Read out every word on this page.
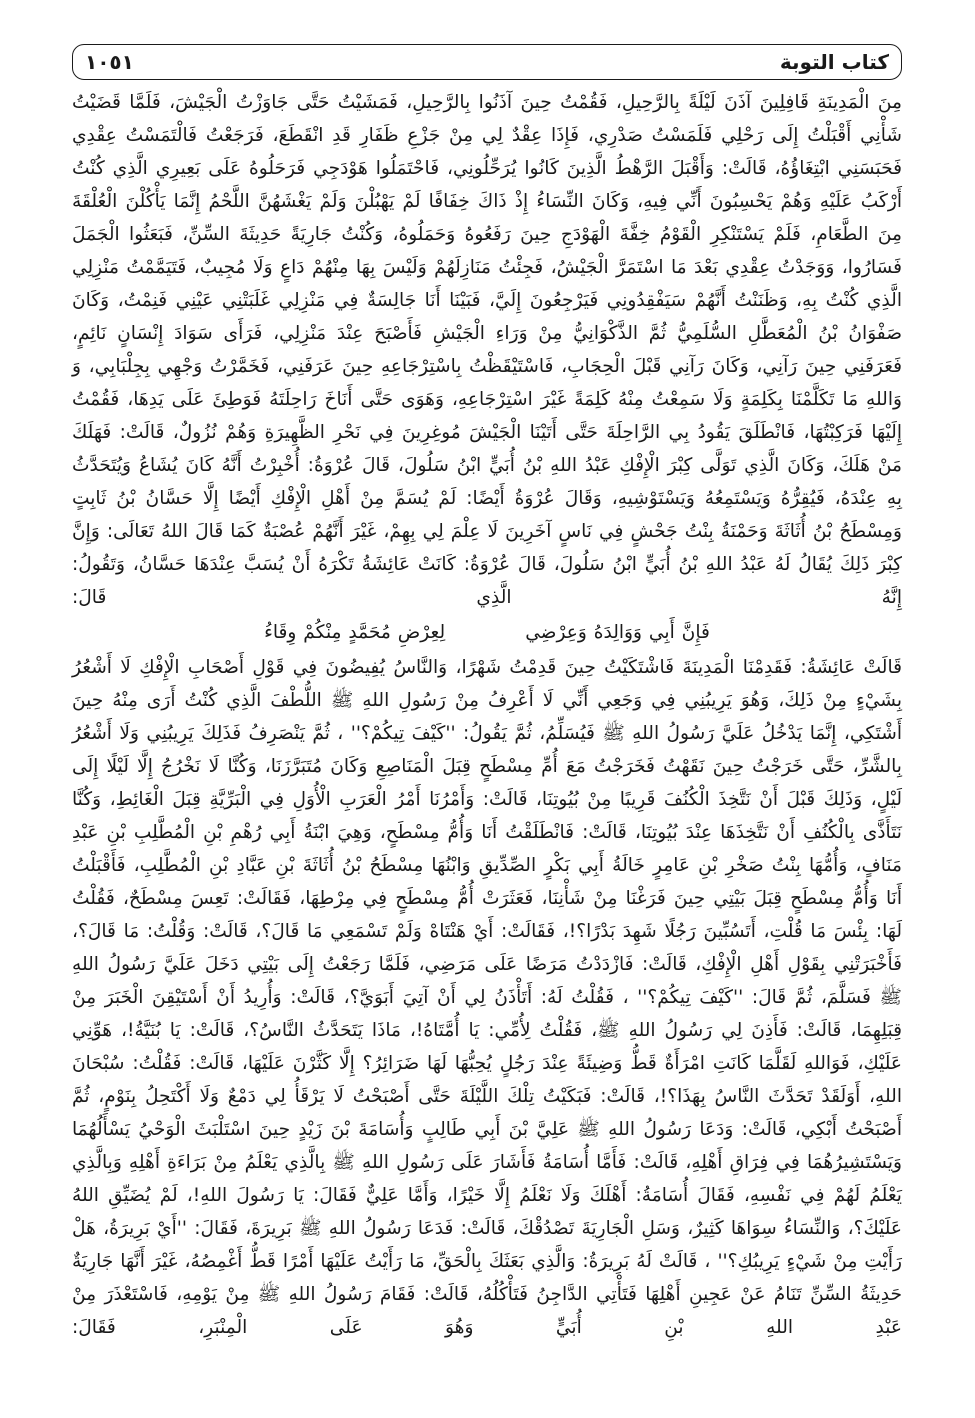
كتاب التوبة
١٠٥١

مِنَ الْمَدِينَةِ قَافِلِينَ آذَنَ لَيْلَةً بِالرَّحِيلِ، فَقُمْتُ حِينَ آذَنُوا بِالرَّحِيلِ، فَمَشَيْتُ حَتَّى جَاوَزْتُ الْجَيْشَ، فَلَمَّا قَضَيْتُ شَأْنِي أَقْبَلْتُ إِلَى رَحْلِي فَلَمَسْتُ صَدْرِي، فَإِذَا عِقْدٌ لِي مِنْ جَزْعِ ظَفَارِ قَدِ انْقَطَعَ، فَرَجَعْتُ فَالْتَمَسْتُ عِقْدِي فَحَبَسَنِي ابْتِغَاؤُهُ، قَالَتْ: وَأَقْبَلَ الرَّهْطُ الَّذِينَ كَانُوا يُرَحِّلُونِي، فَاحْتَمَلُوا هَوْدَجِي فَرَحَلُوهُ عَلَى بَعِيرِي الَّذِي كُنْتُ أَرْكَبُ عَلَيْهِ وَهُمْ يَحْسِبُونَ أَنِّي فِيهِ، وَكَانَ النِّسَاءُ إِذْ ذَاكَ خِفَافًا لَمْ يَهْبُلْنَ وَلَمْ يَغْشَهُنَّ اللَّحْمُ إِنَّمَا يَأْكُلْنَ الْعُلْقَةَ مِنَ الطَّعَامِ، فَلَمْ يَسْتَنْكِرِ الْقَوْمُ خِفَّةَ الْهَوْدَجِ حِينَ رَفَعُوهُ وَحَمَلُوهُ، وَكُنْتُ جَارِيَةً حَدِيثَةَ السِّنِّ، فَبَعَثُوا الْجَمَلَ فَسَارُوا، وَوَجَدْتُ عِقْدِي بَعْدَ مَا اسْتَمَرَّ الْجَيْشُ، فَجِئْتُ مَنَازِلَهُمْ وَلَيْسَ بِهَا مِنْهُمْ دَاعٍ وَلَا مُجِيبٌ، فَتَيَمَّمْتُ مَنْزِلِي الَّذِي كُنْتُ بِهِ، وَظَنَنْتُ أَنَّهُمْ سَيَفْقِدُونِي فَيَرْجِعُونَ إِلَيَّ، فَبَيْنَا أَنَا جَالِسَةٌ فِي مَنْزِلِي غَلَبَتْنِي عَيْنِي فَنِمْتُ، وَكَانَ صَفْوَانُ بْنُ الْمُعَطَّلِ السُّلَمِيُّ ثُمَّ الذَّكْوَانِيُّ مِنْ وَرَاءِ الْجَيْشِ فَأَصْبَحَ عِنْدَ مَنْزِلِي، فَرَأَى سَوَادَ إِنْسَانٍ نَائِمٍ، فَعَرَفَنِي حِينَ رَآنِي، وَكَانَ رَآنِي قَبْلَ الْحِجَابِ، فَاسْتَيْقَظْتُ بِاسْتِرْجَاعِهِ حِينَ عَرَفَنِي، فَخَمَّرْتُ وَجْهِي بِجِلْبَابِي، وَ وَاللهِ مَا تَكَلَّمْنَا بِكَلِمَةٍ وَلَا سَمِعْتُ مِنْهُ كَلِمَةً غَيْرَ اسْتِرْجَاعِهِ، وَهَوَى حَتَّى أَنَاخَ رَاحِلَتَهُ فَوَطِئَ عَلَى يَدِهَا، فَقُمْتُ إِلَيْهَا فَرَكِبْتُهَا، فَانْطَلَقَ يَقُودُ بِي الرَّاحِلَةَ حَتَّى أَتَيْنَا الْجَيْشَ مُوغِرِينَ فِي نَحْرِ الظَّهِيرَةِ وَهُمْ نُزُولٌ، قَالَتْ: فَهَلَكَ مَنْ هَلَكَ، وَكَانَ الَّذِي تَوَلَّى كِبْرَ الْإِفْكِ عَبْدُ اللهِ بْنُ أُبَيٍّ ابْنُ سَلُولَ، قَالَ عُرْوَةُ: أُخْبِرْتُ أَنَّهُ كَانَ يُشَاعُ وَيُتَحَدَّثُ بِهِ عِنْدَهُ، فَيُقِرُّهُ وَيَسْتَمِعُهُ وَيَسْتَوْشِيهِ، وَقَالَ عُرْوَةُ أَيْضًا: لَمْ يُسَمَّ مِنْ أَهْلِ الْإِفْكِ أَيْضًا إِلَّا حَسَّانُ بْنُ ثَابِتٍ وَمِسْطَحُ بْنُ أُثَاثَةَ وَحَمْنَةُ بِنْتُ جَحْشٍ فِي نَاسٍ آخَرِينَ لَا عِلْمَ لِي بِهِمْ، غَيْرَ أَنَّهُمْ عُصْبَةٌ كَمَا قَالَ اللهُ تَعَالَى: وَإِنَّ كِبْرَ ذَلِكَ يُقَالُ لَهُ عَبْدُ اللهِ بْنُ أُبَيٍّ ابْنُ سَلُولَ، قَالَ عُرْوَةُ: كَانَتْ عَائِشَةُ تَكْرَهُ أَنْ يُسَبَّ عِنْدَهَا حَسَّانُ، وَتَقُولُ: إِنَّهُ الَّذِي قَالَ:

فَإِنَّ أَبِي وَوَالِدَهُ وَعِرْضِي
لِعِرْضِ مُحَمَّدٍ مِنْكُمْ وِقَاءُ

قَالَتْ عَائِشَةُ: فَقَدِمْنَا الْمَدِينَةَ فَاشْتَكَيْتُ حِينَ قَدِمْتُ شَهْرًا، وَالنَّاسُ يُفِيضُونَ فِي قَوْلِ أَصْحَابِ الْإِفْكِ لَا أَشْعُرُ بِشَيْءٍ مِنْ ذَلِكَ، وَهُوَ يَرِيبُنِي فِي وَجَعِي أَنِّي لَا أَعْرِفُ مِنْ رَسُولِ اللهِ ﷺ اللُّطْفَ الَّذِي كُنْتُ أَرَى مِنْهُ حِينَ أَشْتَكِي، إِنَّمَا يَدْخُلُ عَلَيَّ رَسُولُ اللهِ ﷺ فَيُسَلِّمُ، ثُمَّ يَقُولُ: ''كَيْفَ تِيكُمْ؟'' ، ثُمَّ يَنْصَرِفُ فَذَلِكَ يَرِيبُنِي وَلَا أَشْعُرُ بِالشَّرِّ، حَتَّى خَرَجْتُ حِينَ نَقَهْتُ فَخَرَجْتُ مَعَ أُمِّ مِسْطَحٍ قِبَلَ الْمَنَاصِعِ وَكَانَ مُتَبَرَّزَنَا، وَكُنَّا لَا نَخْرُجُ إِلَّا لَيْلًا إِلَى لَيْلٍ، وَذَلِكَ قَبْلَ أَنْ نَتَّخِذَ الْكُنُفَ قَرِيبًا مِنْ بُيُوتِنَا، قَالَتْ: وَأَمْرُنَا أَمْرُ الْعَرَبِ الْأُوَلِ فِي الْبَرِّيَّةِ قِبَلَ الْغَائِطِ، وَكُنَّا نَتَأَذَّى بِالْكُنُفِ أَنْ نَتَّخِذَهَا عِنْدَ بُيُوتِنَا، قَالَتْ: فَانْطَلَقْتُ أَنَا وَأُمُّ مِسْطَحٍ، وَهِيَ ابْنَةُ أَبِي رُهْمِ بْنِ الْمُطَّلِبِ بْنِ عَبْدِ مَنَافٍ، وَأُمُّهَا بِنْتُ صَخْرِ بْنِ عَامِرٍ خَالَةُ أَبِي بَكْرٍ الصِّدِّيقِ وَابْنُهَا مِسْطَحُ بْنُ أُثَاثَةَ بْنِ عَبَّادِ بْنِ الْمُطَّلِبِ، فَأَقْبَلْتُ أَنَا وَأُمُّ مِسْطَحٍ قِبَلَ بَيْتِي حِينَ فَرَغْنَا مِنْ شَأْنِنَا، فَعَثَرَتْ أُمُّ مِسْطَحٍ فِي مِرْطِهَا، فَقَالَتْ: تَعِسَ مِسْطَحٌ، فَقُلْتُ لَهَا: بِئْسَ مَا قُلْتِ، أَتَسُبِّينَ رَجُلًا شَهِدَ بَدْرًا؟!، فَقَالَتْ: أَيْ هَنْتَاهْ وَلَمْ تَسْمَعِي مَا قَالَ؟، قَالَتْ: وَقُلْتُ: مَا قَالَ؟، فَأَخْبَرَتْنِي بِقَوْلِ أَهْلِ الْإِفْكِ، قَالَتْ: فَازْدَدْتُ مَرَضًا عَلَى مَرَضِي، فَلَمَّا رَجَعْتُ إِلَى بَيْتِي دَخَلَ عَلَيَّ رَسُولُ اللهِ ﷺ فَسَلَّمَ، ثُمَّ قَالَ: ''كَيْفَ تِيكُمْ؟'' ، فَقُلْتُ لَهُ: أَتَأْذَنُ لِي أَنْ آتِيَ أَبَوَيَّ؟، قَالَتْ: وَأُرِيدُ أَنْ أَسْتَيْقِنَ الْخَبَرَ مِنْ قِبَلِهِمَا، قَالَتْ: فَأَذِنَ لِي رَسُولُ اللهِ ﷺ، فَقُلْتُ لِأُمِّي: يَا أُمَّتَاهُ!، مَاذَا يَتَحَدَّثُ النَّاسُ؟، قَالَتْ: يَا بُنَيَّةُ!، هَوِّنِي عَلَيْكِ، فَوَاللهِ لَقَلَّمَا كَانَتِ امْرَأَةٌ قَطُّ وَضِيئَةً عِنْدَ رَجُلٍ يُحِبُّهَا لَهَا ضَرَائِرُ؟ إِلَّا كَثَّرْنَ عَلَيْهَا، قَالَتْ: فَقُلْتُ: سُبْحَانَ اللهِ، أَوَلَقَدْ تَحَدَّثَ النَّاسُ بِهَذَا؟!، قَالَتْ: فَبَكَيْتُ تِلْكَ اللَّيْلَةَ حَتَّى أَصْبَحْتُ لَا يَرْقَأُ لِي دَمْعٌ وَلَا أَكْتَحِلُ بِنَوْمٍ، ثُمَّ أَصْبَحْتُ أَبْكِي، قَالَتْ: وَدَعَا رَسُولُ اللهِ ﷺ عَلِيَّ بْنَ أَبِي طَالِبٍ وَأُسَامَةَ بْنَ زَيْدٍ حِينَ اسْتَلْبَثَ الْوَحْيُ يَسْأَلُهُمَا وَيَسْتَشِيرُهُمَا فِي فِرَاقِ أَهْلِهِ، قَالَتْ: فَأَمَّا أُسَامَةُ فَأَشَارَ عَلَى رَسُولِ اللهِ ﷺ بِالَّذِي يَعْلَمُ مِنْ بَرَاءَةِ أَهْلِهِ وَبِالَّذِي يَعْلَمُ لَهُمْ فِي نَفْسِهِ، فَقَالَ أُسَامَةُ: أَهْلَكَ وَلَا نَعْلَمُ إِلَّا خَيْرًا، وَأَمَّا عَلِيٌّ فَقَالَ: يَا رَسُولَ اللهِ!، لَمْ يُضَيِّقِ اللهُ عَلَيْكَ؟، وَالنِّسَاءُ سِوَاهَا كَثِيرٌ، وَسَلِ الْجَارِيَةَ تَصْدُقْكَ، قَالَتْ: فَدَعَا رَسُولُ اللهِ ﷺ بَرِيرَةَ، فَقَالَ: ''أَيْ بَرِيرَةُ، هَلْ رَأَيْتِ مِنْ شَيْءٍ يَرِيبُكِ؟'' ، قَالَتْ لَهُ بَرِيرَةُ: وَالَّذِي بَعَثَكَ بِالْحَقِّ، مَا رَأَيْتُ عَلَيْهَا أَمْرًا قَطُّ أَغْمِصُهُ، غَيْرَ أَنَّهَا جَارِيَةٌ حَدِيثَةُ السِّنِّ تَنَامُ عَنْ عَجِينِ أَهْلِهَا فَتَأْتِي الدَّاجِنُ فَتَأْكُلُهُ، قَالَتْ: فَقَامَ رَسُولُ اللهِ ﷺ مِنْ يَوْمِهِ، فَاسْتَعْذَرَ مِنْ عَبْدِ اللهِ بْنِ أُبَيٍّ وَهُوَ عَلَى الْمِنْبَرِ، فَقَالَ:
